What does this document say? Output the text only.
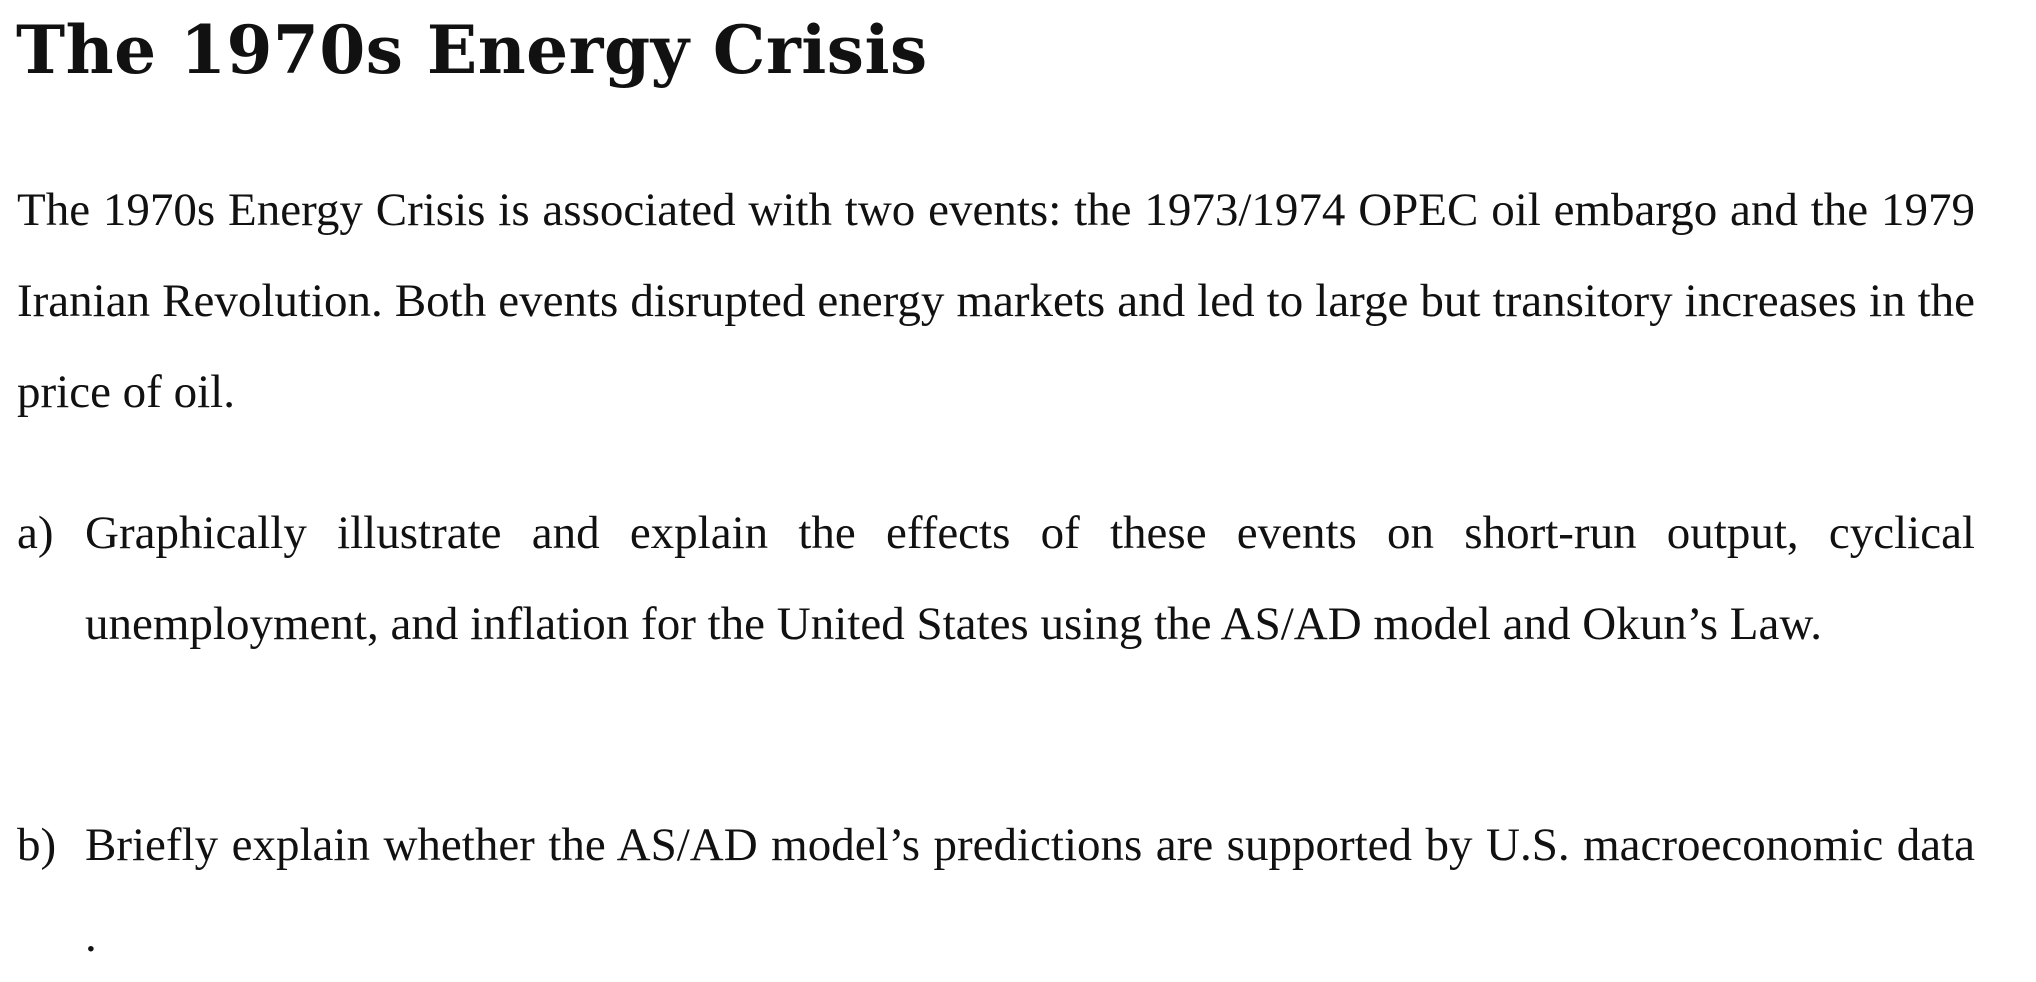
The 1970s Energy Crisis

The 1970s Energy Crisis is associated with two events: the 1973/1974 OPEC oil embargo and the 1979 Iranian Revolution. Both events disrupted energy markets and led to large but transitory increases in the price of oil.

a) Graphically illustrate and explain the effects of these events on short-run output, cyclical unemployment, and inflation for the United States using the AS/AD model and Okun’s Law.

b) Briefly explain whether the AS/AD model’s predictions are supported by U.S. macroeconomic data .
